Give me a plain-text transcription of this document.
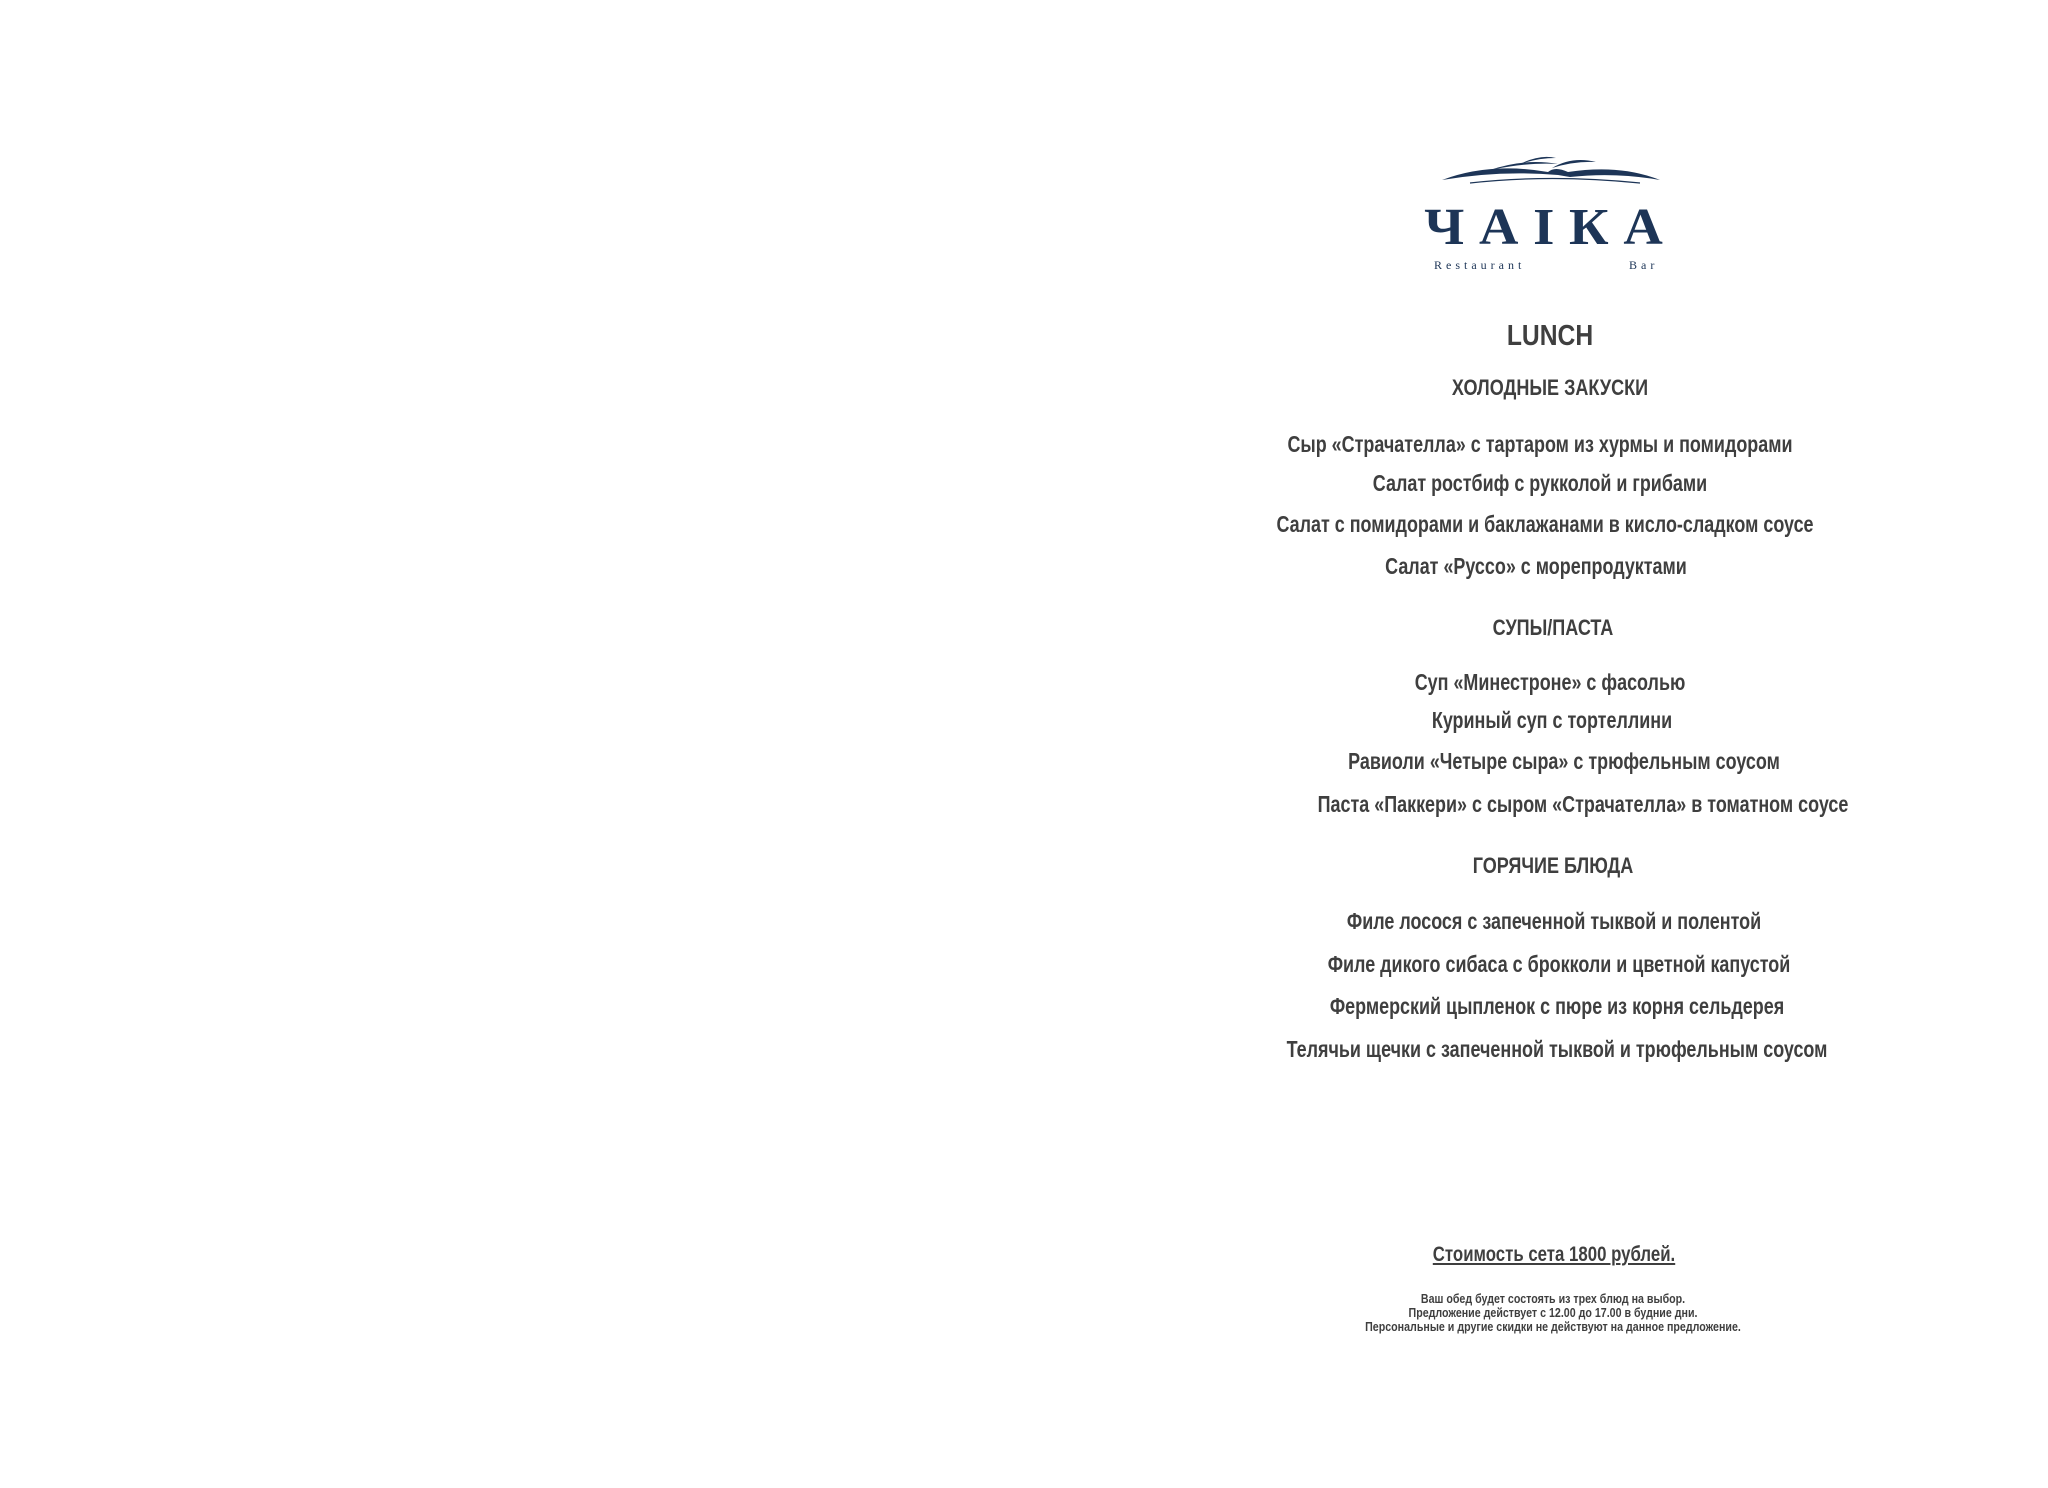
ЧАIКА
Restaurant	Bar
LUNCH
ХОЛОДНЫЕ ЗАКУСКИ
Сыр «Страчателла» с тартаром из хурмы и помидорами
Салат ростбиф с рукколой и грибами
Салат с помидорами и баклажанами в кисло-сладком соусе
Салат «Руссо» с морепродуктами
СУПЫ/ПАСТА
Суп «Минестроне» с фасолью
Куриный суп с тортеллини
Равиоли «Четыре сыра» с трюфельным соусом
Паста «Паккери» с сыром «Страчателла» в томатном соусе
ГОРЯЧИЕ БЛЮДА
Филе лосося с запеченной тыквой и полентой
Филе дикого сибаса с брокколи и цветной капустой
Фермерский цыпленок с пюре из корня сельдерея
Телячьи щечки с запеченной тыквой и трюфельным соусом
Стоимость сета 1800 рублей.
Ваш обед будет состоять из трех блюд на выбор.
Предложение действует с 12.00 до 17.00 в будние дни.
Персональные и другие скидки не действуют на данное предложение.
